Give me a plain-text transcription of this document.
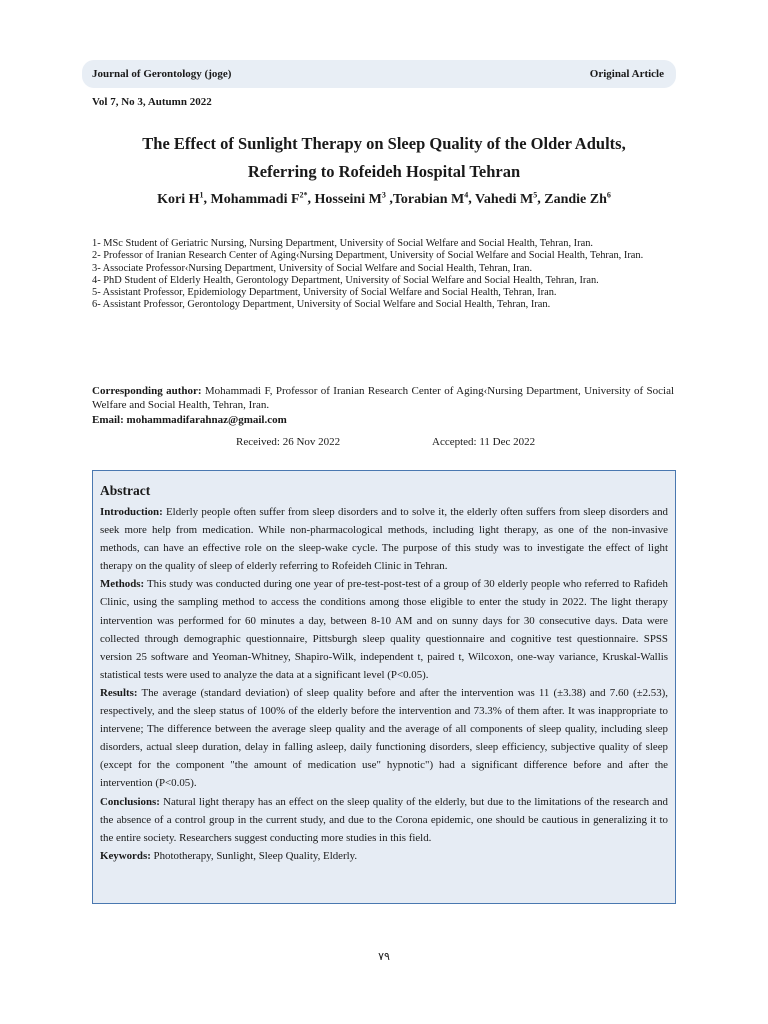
Journal of Gerontology (joge)	Original Article
Vol 7, No 3, Autumn 2022
The Effect of Sunlight Therapy on Sleep Quality of the Older Adults,
Referring to Rofeideh Hospital Tehran
Kori $H^1$, Mohammadi $F^{2*}$, Hosseini $M^3$ ,Torabian $M^4$, Vahedi $M^5$, Zandie Zh$^6$
1- MSc Student of Geriatric Nursing, Nursing Department, University of Social Welfare and Social Health, Tehran, Iran.
2- Professor of Iranian Research Center of Aging‹Nursing Department, University of Social Welfare and Social Health, Tehran, Iran.
3- Associate Professor‹Nursing Department, University of Social Welfare and Social Health, Tehran, Iran.
4- PhD Student of Elderly Health, Gerontology Department, University of Social Welfare and Social Health, Tehran, Iran.
5- Assistant Professor, Epidemiology Department, University of Social Welfare and Social Health, Tehran, Iran.
6- Assistant Professor, Gerontology Department, University of Social Welfare and Social Health, Tehran, Iran.
Corresponding author: Mohammadi F, Professor of Iranian Research Center of Aging‹Nursing Department, University of Social Welfare and Social Health, Tehran, Iran.
Email: mohammadifarahnaz@gmail.com
Received: 26 Nov 2022	Accepted: 11 Dec 2022
Abstract

Introduction: Elderly people often suffer from sleep disorders and to solve it, the elderly often suffers from sleep disorders and seek more help from medication. While non-pharmacological methods, including light therapy, as one of the non-invasive methods, can have an effective role on the sleep-wake cycle. The purpose of this study was to investigate the effect of light therapy on the quality of sleep of elderly referring to Rofeideh Clinic in Tehran.

Methods: This study was conducted during one year of pre-test-post-test of a group of 30 elderly people who referred to Rafideh Clinic, using the sampling method to access the conditions among those eligible to enter the study in 2022. The light therapy intervention was performed for 60 minutes a day, between 8-10 AM and on sunny days for 30 consecutive days. Data were collected through demographic questionnaire, Pittsburgh sleep quality questionnaire and cognitive test questionnaire. SPSS version 25 software and Yeoman-Whitney, Shapiro-Wilk, independent t, paired t, Wilcoxon, one-way variance, Kruskal-Wallis statistical tests were used to analyze the data at a significant level (P<0.05).

Results: The average (standard deviation) of sleep quality before and after the intervention was 11 (±3.38) and 7.60 (±2.53), respectively, and the sleep status of 100% of the elderly before the intervention and 73.3% of them after. It was inappropriate to intervene; The difference between the average sleep quality and the average of all components of sleep quality, including sleep disorders, actual sleep duration, delay in falling asleep, daily functioning disorders, sleep efficiency, subjective quality of sleep (except for the component "the amount of medication use" hypnotic") had a significant difference before and after the intervention (P<0.05).

Conclusions: Natural light therapy has an effect on the sleep quality of the elderly, but due to the limitations of the research and the absence of a control group in the current study, and due to the Corona epidemic, one should be cautious in generalizing it to the entire society. Researchers suggest conducting more studies in this field.

Keywords: Phototherapy, Sunlight, Sleep Quality, Elderly.

۷۹
